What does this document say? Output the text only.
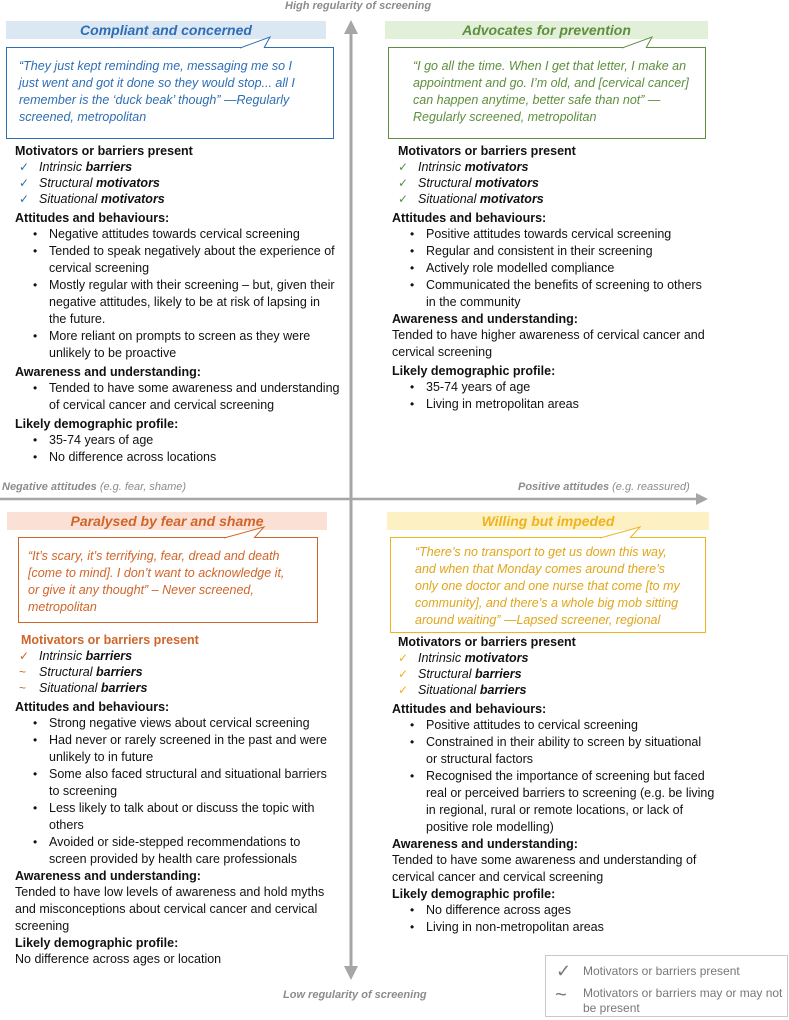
High regularity of screening
Low regularity of screening
Negative attitudes (e.g. fear, shame)	Positive attitudes (e.g. reassured)
Compliant and concerned
“They just kept reminding me, messaging me so I
just went and got it done so they would stop... all I
remember is the ‘duck beak’ though” —Regularly
screened, metropolitan

Motivators or barriers present

✓ Intrinsic barriers
✓ Structural motivators
✓ Situational motivators

Attitudes and behaviours:

• Negative attitudes towards cervical screening
• Tended to speak negatively about the experience of
cervical screening
• Mostly regular with their screening – but, given their
negative attitudes, likely to be at risk of lapsing in
the future.
• More reliant on prompts to screen as they were
unlikely to be proactive

Awareness and understanding:

• Tended to have some awareness and understanding
of cervical cancer and cervical screening

Likely demographic profile:

• 35-74 years of age
• No difference across locations
Advocates for prevention
“I go all the time. When I get that letter, I make an
appointment and go. I’m old, and [cervical cancer]
can happen anytime, better safe than not” —
Regularly screened, metropolitan

Motivators or barriers present

✓ Intrinsic motivators
✓ Structural motivators
✓ Situational motivators

Attitudes and behaviours:

• Positive attitudes towards cervical screening
• Regular and consistent in their screening
• Actively role modelled compliance
• Communicated the benefits of screening to others
in the community

Awareness and understanding:

Tended to have higher awareness of cervical cancer and
cervical screening

Likely demographic profile:

• 35-74 years of age
• Living in metropolitan areas
Paralysed by fear and shame
“It’s scary, it’s terrifying, fear, dread and death
[come to mind]. I don’t want to acknowledge it,
or give it any thought” – Never screened,
metropolitan

Motivators or barriers present

✓ Intrinsic barriers
~ Structural barriers
~ Situational barriers

Attitudes and behaviours:

• Strong negative views about cervical screening
• Had never or rarely screened in the past and were
unlikely to in future
• Some also faced structural and situational barriers
to screening
• Less likely to talk about or discuss the topic with
others
• Avoided or side-stepped recommendations to
screen provided by health care professionals

Awareness and understanding:

Tended to have low levels of awareness and hold myths
and misconceptions about cervical cancer and cervical
screening

Likely demographic profile:

No difference across ages or location

Willing but impeded
“There’s no transport to get us down this way,
and when that Monday comes around there’s
only one doctor and one nurse that come [to my
community], and there’s a whole big mob sitting
around waiting” —Lapsed screener, regional

Motivators or barriers present

✓ Intrinsic motivators
✓ Structural barriers
✓ Situational barriers

Attitudes and behaviours:

• Positive attitudes to cervical screening
• Constrained in their ability to screen by situational
or structural factors
• Recognised the importance of screening but faced
real or perceived barriers to screening (e.g. be living
in regional, rural or remote locations, or lack of
positive role modelling)

Awareness and understanding:

Tended to have some awareness and understanding of
cervical cancer and cervical screening

Likely demographic profile:

• No difference across ages
• Living in non-metropolitan areas
✓ Motivators or barriers present
~ Motivators or barriers may or may not
be present
